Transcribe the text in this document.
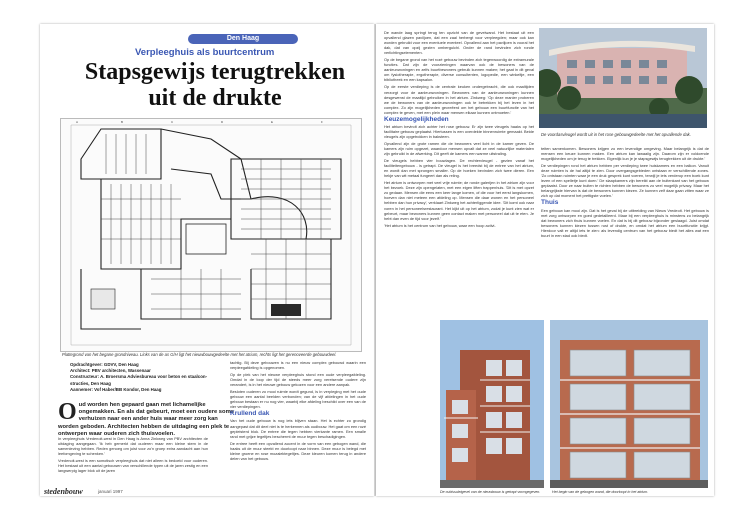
Den Haag
Verpleeghuis als buurtcentrum
Stapsgewijs terugtrekken uit de drukte
A	B	C	D	E	F
Plattegrond van het begane grondniveau. Links van de as G/H ligt het nieuwbouwgedeelte met het atrium, rechts ligt het gerenoveerde gebouwdeel.
Opdrachtgever: GDVV, Den Haag
Architect: PBV architecten, Wassenaar
Constructeur: A. Broersma Adviesbureau voor beton en staalcon-
structies, Den Haag
Aannemer: Vof Haber/BB Kondor, Den Haag
Oud worden hen gepaard gaan met lichamelijke ongemakken. En als dat gebeurt, moet een oudere soms verhuizen naar een ander huis waar meer zorg kan worden geboden. Architecten hebben de uitdaging een plek te ontwerpen waar ouderen zich thuisvoelen.

In verpleeghuis Vredenoit-west in Den Haag is Anna Zinkweg van PBV architecten de uitdaging aangegaan. 'Ik heb gemerkt dat ouderen maar een kleine stem in de samenleving hebben. Reden genoeg om juist voor zo'n groep extra aandacht aan hun leefomgeving te schenken.'

Vredenoit-west is een somotisch verpleeghuis dat niet alleen is bedoeld voor ouderen. Het bestaat uit een aantal gebouwen van verschillende typen uit de jaren zestig en een langwerpig lager blok uit de jaren

tachtig. Bij deze gebouwen is nu een nieuw complex gebouwd waarin een verpleegafdeling is opgenomen.

Op de plek van het nieuwe verpleeghuis stond een oude verpleegafdeling. Omdat in de loop der tijd de steeds meer zorg vereisende oudere zijn verandert, is in het nieuwe gebouw gekozen voor een andere aanpak.

Besloten ouderen zo mooi ruimte wordt gegund, is in verpleging met het oude gebouw een aantal beelden verbonden; van de vijf afdelingen in het oude gebouw bestaan er nu nog vier, waarbij elke afdeling beschikt over een van de vier verdiepingen.

Krullend dak

Van het oude gebouw is nog iets blijven staan. Het is echter zo grondig aangepast dat dit deel niet is te herkennen als oudbouw. Het gaat om een rozé gepleisterd blok. De entree die tegen hebben vierkante ramen. Een smalle rand met grijze tegeltjes beschermt de muur tegen beschadigingen.

De entree heeft een opvallend accent in de vorm van een gebogen wand, die haaks uit de muur steekt en doorloopt naar binnen. Deze muur is belegd met kleine groene en rose mozaiektegeltjes. Deze kleuren komen terug in andere delen van het gebouw.

stedenbouw	januari 1997

De wande laag springt terug ten opzicht van de gevelwand. Het bestaat uit een opvallend glazen paviljoen, dat een zaal herbergt voor verpleegden; maar ook kan worden gebruikt voor een eventuele eventeel. Opvallend aan het paviljoen is vooral het dak, dat van opzij gezien ombergulchi. Onder de rand bevinden zich ronde verlichtingselementen.

Op de begane grond van het rozé gebouw bevinden zich tegenwoordig de extramurale functies. Dat zijn de voorzieningen waarvan ook de bewoners van de aanleunwoningen en zelfs buurtbewoners gebruik kunnen maken; het gaat in dit geval om fysiotherapie, ergotherapie, diverse consultenten, logopedie, een winkeltje, een bibliotheek en een kapsalon.

Op de eerste verdieping is de centrale keuken ondergebracht, die ook maaltijden verzorgt voor de aanleunwoningen. Bewoners van de aanleunwoningen kunnen desgewenst de maaltijd gebruiken in het atrium. Zinkweg: 'Op deze manier proberen we de bewoners van de aanleunwoningen ook te betrekken bij het leven in het complex. Zo zijn mogelijkheden gecreëerd om het gebouw een buurtfunctie van het complex te geven, met een plein waar mensen elkaar kunnen ontmoeten.'

Keuzemogelijkheden

Het atrium bevindt zich achter het rose gebouw. Er zijn twee vleugels haaks op het facilitaire gebouw geplaatst. Hiertussen is een overdekte binnenruimte gemaakt. Beide vleugels zijn opgetrokken in baksteen.

Opvallend zijn de grote ramen die de bewoners veel licht in de kamer geven. De kamers zijn ruim opgezet, waardoor mensen opvalt dat ze veel natuurlijke materialen zijn gebruikt in de afwerking. Dit geeft de kamers een warme uitstraling.

De vleugels hebben vier bouwlagen. De rechtervleugel - gezien vanaf het faciliteitengebouw - is getrapt. De vleugel is het breedst bij de entree van het atrium, en wordt dan met sprongen smaller. Op de hoeken bevinden zich twee dieren. Een hekje van wit metaal fungeert dan als reling.

Het atrium is ontworpen met veel vrije ruimte; de ronde galerijen in het atrium zijn voor het bezoek. Deze zijn opengelaten, met een eigen liften trappenhuis. 'Dit is met opzet zo gedaan. Mensen die eens een keer lange komen, of die voor het eerst langskomen, hoeven dan niet meteen een afdeling op. Mensen die daar wonen en het personeel hebben dan hun privacy', verklaart Zinkweg het achterliggende idee. 'Dit komt ook naar voren in het personeelsrestaurant. Het kijkt uit op het atrium, zodat je kunt zien wat er gebeurt, maar bewoners kunnen geen contact maken met personeel dat uit te eten. Je hebt dan even de tijd voor jezelf.'

'Het atrium is het centrum van het gebouw, waar een hoop activi-

De voordasvleugel wordt uit in het rose gebouwgedeelte met het opvallende dak.

teiten samenkomen. Bewoners krijgen zo een levendige omgeving. Maar belangrijk is dat de mensen een keuze kunnen maken. Een atrium kan lawaaiig zijn. Daarom zijn er voldoende mogelijkheden om je terug te trekken. Eigenlijk kun je je stapsgewijs terugtrekken uit de drukte.'

De verdiepingen rond het atrium hebben per verdieping twee huiskamers en een balkon. Vanuit deze ruimten is de hal altijd te zien. Door overgangsgebieden ontstaan er verschillende zones. 'Zo ontstaan ruimten waar je een druk gesprek kunt voeren, terwijl je iets verderop een boek kunt lezen of een spelletje kunt doen.' De slaapkamers zijn bereikt aan de buitenkant van het gebouw geplaatst. Door ze naar buiten te richten hebben de bewoners zo veel mogelijk privacy. Maar het belangrijkste hiervan is dat de bewoners kunnen kiezen. Ze kunnen zelf daar gaan zitten waar ze zich op dat moment het prettigste voelen.'

Thuis

Een gebouw kan mooi zijn. Dat is het geval bij de uitbreiding van Nieuw Vredeoit. Het gebouw is met zorg ontworpen en goed gedetailleerd. Maar bij een verpleeghuis is minstens zo belangrijk dat bewoners zich thuis kunnen voelen. En dat is bij dit gebouw bijzonder geslaagd. Juist omdat bewoners kunnen kiezen tussen rust of drukte, en omdat het atrium een buurtfunctie krijgt. Hierdoor valt er altijd iets te zien: als levendig centrum van het gebouw biedt het alles wat een buurt in een stad ook biedt.

De cubissuleigevel van de nieuwbouw is getrapt vormgegeven.	Het begin van de gebogen wand, die doorloopt in het atrium.
